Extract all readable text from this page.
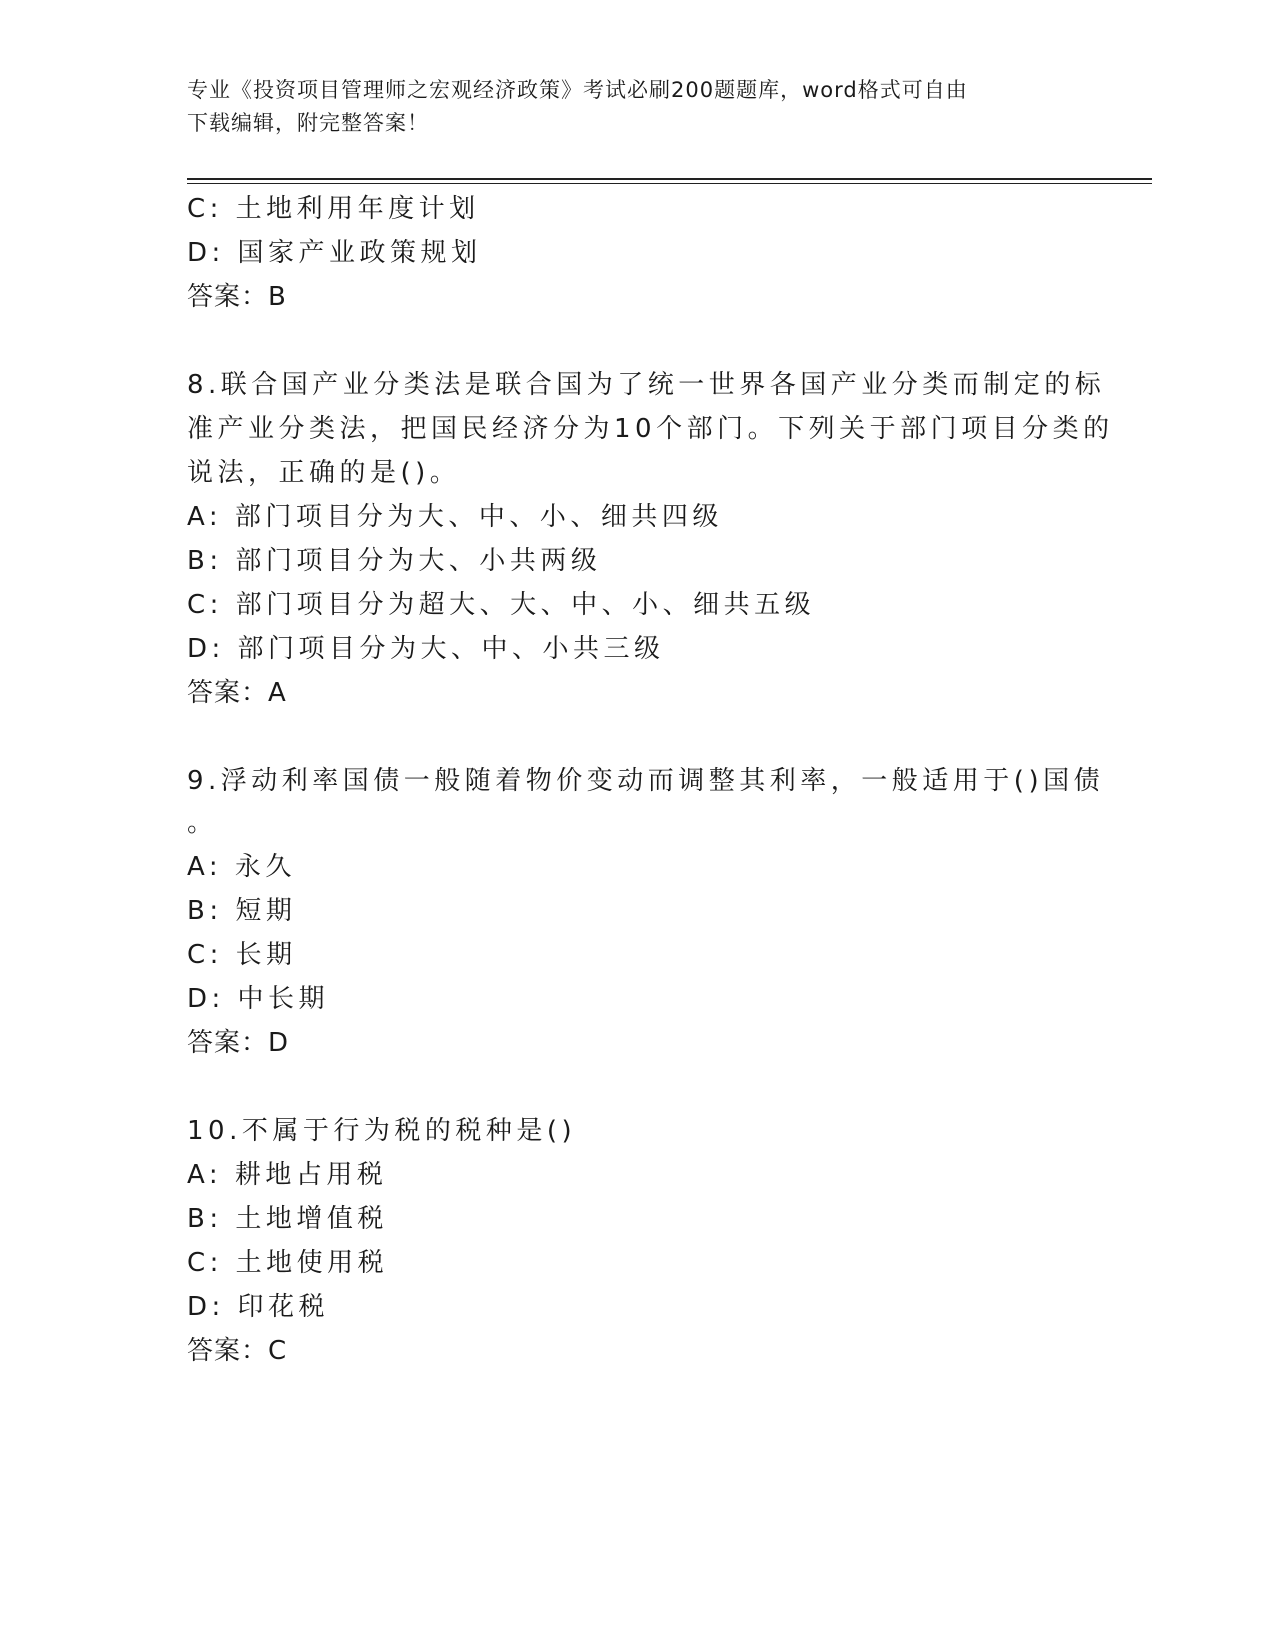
专业《投资项目管理师之宏观经济政策》考试必刷200题题库，word格式可自由
下载编辑，附完整答案！
C: 土地利用年度计划
D: 国家产业政策规划
答案：B
8.联合国产业分类法是联合国为了统一世界各国产业分类而制定的标
准产业分类法，把国民经济分为10个部门。下列关于部门项目分类的
说法，正确的是()。
A: 部门项目分为大、中、小、细共四级
B: 部门项目分为大、小共两级
C: 部门项目分为超大、大、中、小、细共五级
D: 部门项目分为大、中、小共三级
答案：A
9.浮动利率国债一般随着物价变动而调整其利率，一般适用于()国债
。
A: 永久
B: 短期
C: 长期
D: 中长期
答案：D
10.不属于行为税的税种是()
A: 耕地占用税
B: 土地增值税
C: 土地使用税
D: 印花税
答案：C
